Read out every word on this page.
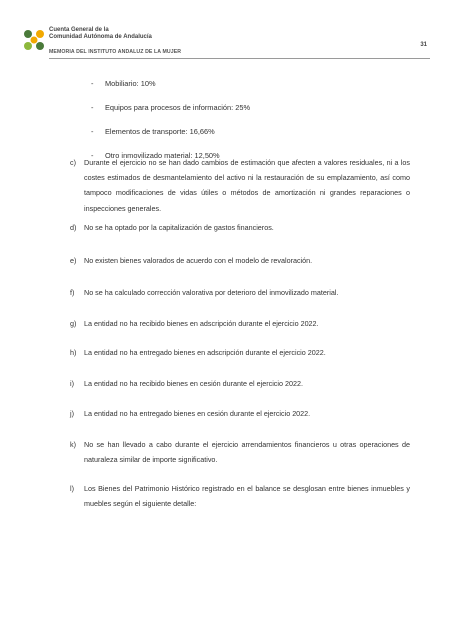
Cuenta General de la
Comunidad Autónoma de Andalucía
MEMORIA DEL INSTITUTO ANDALUZ DE LA MUJER
31
- Mobiliario: 10%
- Equipos para procesos de información: 25%
- Elementos de transporte: 16,66%
- Otro inmovilizado material: 12,50%
c) Durante el ejercicio no se han dado cambios de estimación que afecten a valores residuales, ni a los costes estimados de desmantelamiento del activo ni la restauración de su emplazamiento, así como tampoco modificaciones de vidas útiles o métodos de amortización ni grandes reparaciones o inspecciones generales.
d) No se ha optado por la capitalización de gastos financieros.
e) No existen bienes valorados de acuerdo con el modelo de revaloración.
f) No se ha calculado corrección valorativa por deterioro del inmovilizado material.
g) La entidad no ha recibido bienes en adscripción durante el ejercicio 2022.
h) La entidad no ha entregado bienes en adscripción durante el ejercicio 2022.
i) La entidad no ha recibido bienes en cesión durante el ejercicio 2022.
j) La entidad no ha entregado bienes en cesión durante el ejercicio 2022.
k) No se han llevado a cabo durante el ejercicio arrendamientos financieros u otras operaciones de naturaleza similar de importe significativo.
l) Los Bienes del Patrimonio Histórico registrado en el balance se desglosan entre bienes inmuebles y muebles según el siguiente detalle:
